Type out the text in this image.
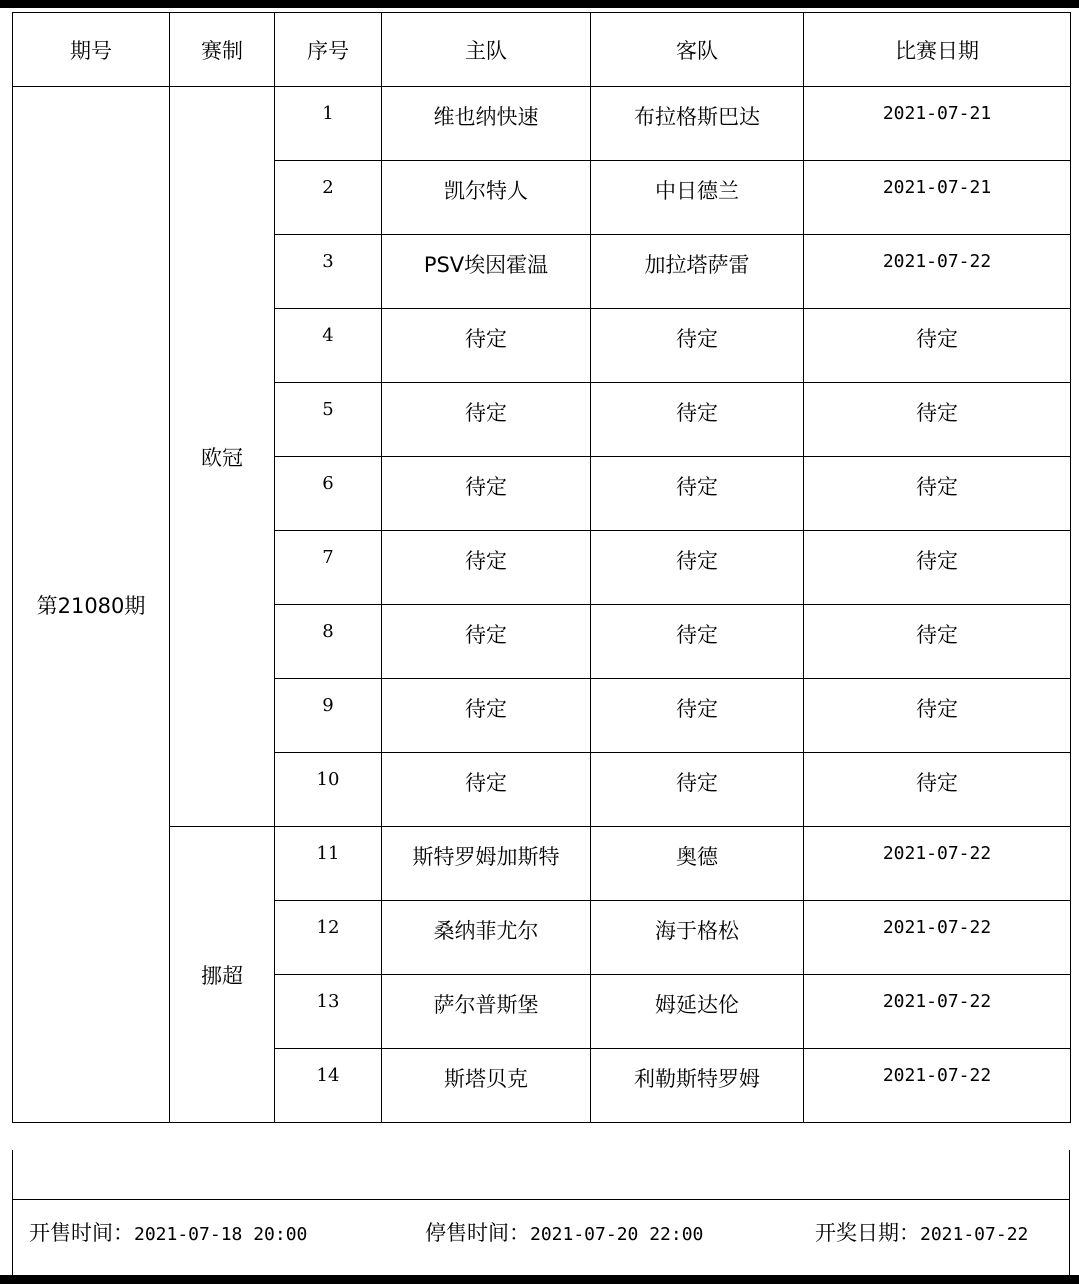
期号	赛制	序号	主队	客队	比赛日期
第21080期	欧冠	1	维也纳快速	布拉格斯巴达	2021-07-21
		2	凯尔特人	中日德兰	2021-07-21
		3	PSV埃因霍温	加拉塔萨雷	2021-07-22
		4	待定	待定	待定
		5	待定	待定	待定
		6	待定	待定	待定
		7	待定	待定	待定
		8	待定	待定	待定
		9	待定	待定	待定
		10	待定	待定	待定
	挪超	11	斯特罗姆加斯特	奥德	2021-07-22
		12	桑纳菲尤尔	海于格松	2021-07-22
		13	萨尔普斯堡	姆延达伦	2021-07-22
		14	斯塔贝克	利勒斯特罗姆	2021-07-22
开售时间：2021-07-18 20:00	停售时间：2021-07-20 22:00	开奖日期：2021-07-22
